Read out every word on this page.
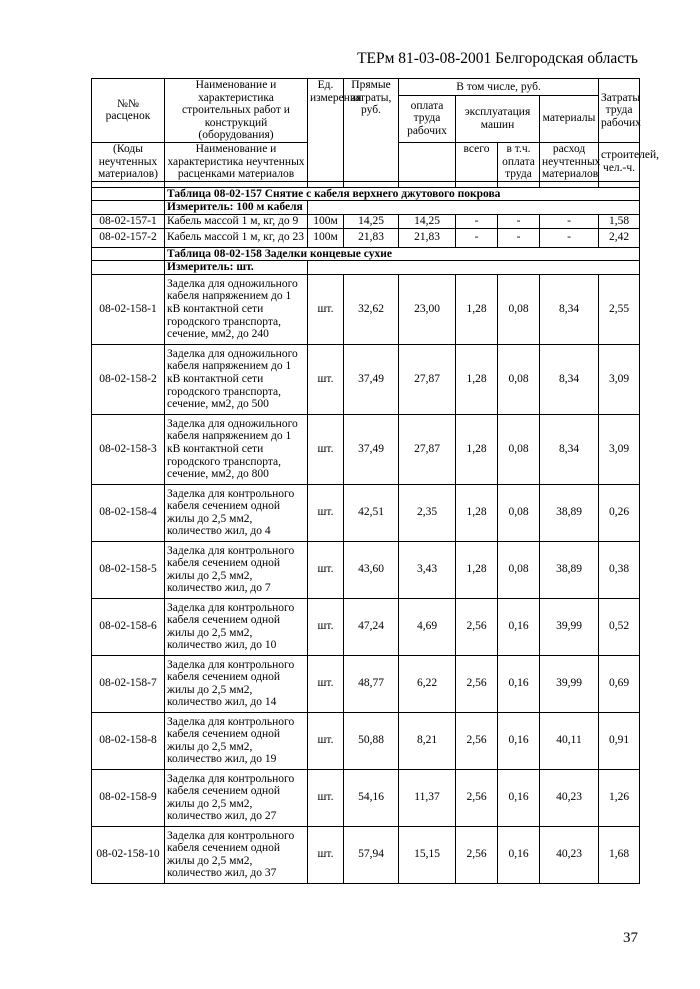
ТЕРм 81-03-08-2001 Белгородская область
№№ расценок	Наименование и характеристика строительных работ и конструкций (оборудования)	Ед. измерения	Прямые затраты, руб.	В том числе, руб.				Затраты труда рабочих
				оплата труда рабочих	эксплуатация машин		материалы	
(Коды неучтенных материалов)	Наименование и характеристика неучтенных расценками материалов				всего	в т.ч. оплата труда	расход неучтенных материалов	строителей, чел.-ч.

	Таблица 08-02-157 Снятие с кабеля верхнего джутового покрова							
	Измеритель: 100 м кабеля							
08-02-157-1	Кабель массой 1 м, кг, до 9	100м	14,25	14,25	-	-	-	1,58
08-02-157-2	Кабель массой 1 м, кг, до 23	100м	21,83	21,83	-	-	-	2,42
	Таблица 08-02-158 Заделки концевые сухие							
	Измеритель: шт.							
08-02-158-1	Заделка для одножильного кабеля напряжением до 1 кВ контактной сети городского транспорта, сечение, мм2, до 240	шт.	32,62	23,00	1,28	0,08	8,34	2,55
08-02-158-2	Заделка для одножильного кабеля напряжением до 1 кВ контактной сети городского транспорта, сечение, мм2, до 500	шт.	37,49	27,87	1,28	0,08	8,34	3,09
08-02-158-3	Заделка для одножильного кабеля напряжением до 1 кВ контактной сети городского транспорта, сечение, мм2, до 800	шт.	37,49	27,87	1,28	0,08	8,34	3,09
08-02-158-4	Заделка для контрольного кабеля сечением одной жилы до 2,5 мм2, количество жил, до 4	шт.	42,51	2,35	1,28	0,08	38,89	0,26
08-02-158-5	Заделка для контрольного кабеля сечением одной жилы до 2,5 мм2, количество жил, до 7	шт.	43,60	3,43	1,28	0,08	38,89	0,38
08-02-158-6	Заделка для контрольного кабеля сечением одной жилы до 2,5 мм2, количество жил, до 10	шт.	47,24	4,69	2,56	0,16	39,99	0,52
08-02-158-7	Заделка для контрольного кабеля сечением одной жилы до 2,5 мм2, количество жил, до 14	шт.	48,77	6,22	2,56	0,16	39,99	0,69
08-02-158-8	Заделка для контрольного кабеля сечением одной жилы до 2,5 мм2, количество жил, до 19	шт.	50,88	8,21	2,56	0,16	40,11	0,91
08-02-158-9	Заделка для контрольного кабеля сечением одной жилы до 2,5 мм2, количество жил, до 27	шт.	54,16	11,37	2,56	0,16	40,23	1,26
08-02-158-10	Заделка для контрольного кабеля сечением одной жилы до 2,5 мм2, количество жил, до 37	шт.	57,94	15,15	2,56	0,16	40,23	1,68
37
